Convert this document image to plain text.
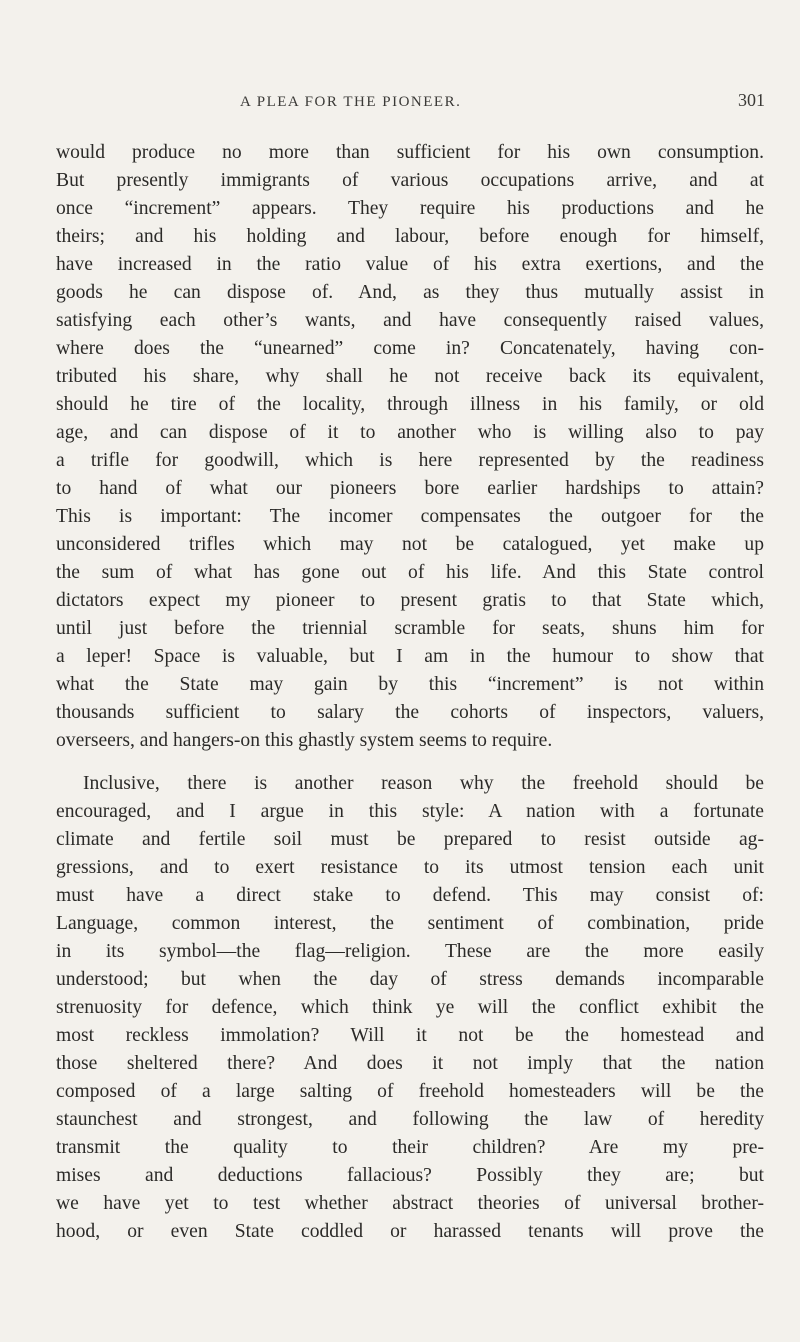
A PLEA FOR THE PIONEER.	301
would produce no more than sufficient for his own consumption.
But presently immigrants of various occupations arrive, and at
once “increment” appears. They require his productions and he
theirs; and his holding and labour, before enough for himself,
have increased in the ratio value of his extra exertions, and the
goods he can dispose of. And, as they thus mutually assist in
satisfying each other’s wants, and have consequently raised values,
where does the “unearned” come in? Concatenately, having con-
tributed his share, why shall he not receive back its equivalent,
should he tire of the locality, through illness in his family, or old
age, and can dispose of it to another who is willing also to pay
a trifle for goodwill, which is here represented by the readiness
to hand of what our pioneers bore earlier hardships to attain?
This is important: The incomer compensates the outgoer for the
unconsidered trifles which may not be catalogued, yet make up
the sum of what has gone out of his life. And this State control
dictators expect my pioneer to present gratis to that State which,
until just before the triennial scramble for seats, shuns him for
a leper! Space is valuable, but I am in the humour to show that
what the State may gain by this “increment” is not within
thousands sufficient to salary the cohorts of inspectors, valuers,
overseers, and hangers-on this ghastly system seems to require.
Inclusive, there is another reason why the freehold should be
encouraged, and I argue in this style: A nation with a fortunate
climate and fertile soil must be prepared to resist outside ag-
gressions, and to exert resistance to its utmost tension each unit
must have a direct stake to defend. This may consist of:
Language, common interest, the sentiment of combination, pride
in its symbol—the flag—religion. These are the more easily
understood; but when the day of stress demands incomparable
strenuosity for defence, which think ye will the conflict exhibit the
most reckless immolation? Will it not be the homestead and
those sheltered there? And does it not imply that the nation
composed of a large salting of freehold homesteaders will be the
staunchest and strongest, and following the law of heredity
transmit the quality to their children? Are my pre-
mises and deductions fallacious? Possibly they are; but
we have yet to test whether abstract theories of universal brother-
hood, or even State coddled or harassed tenants will prove the
